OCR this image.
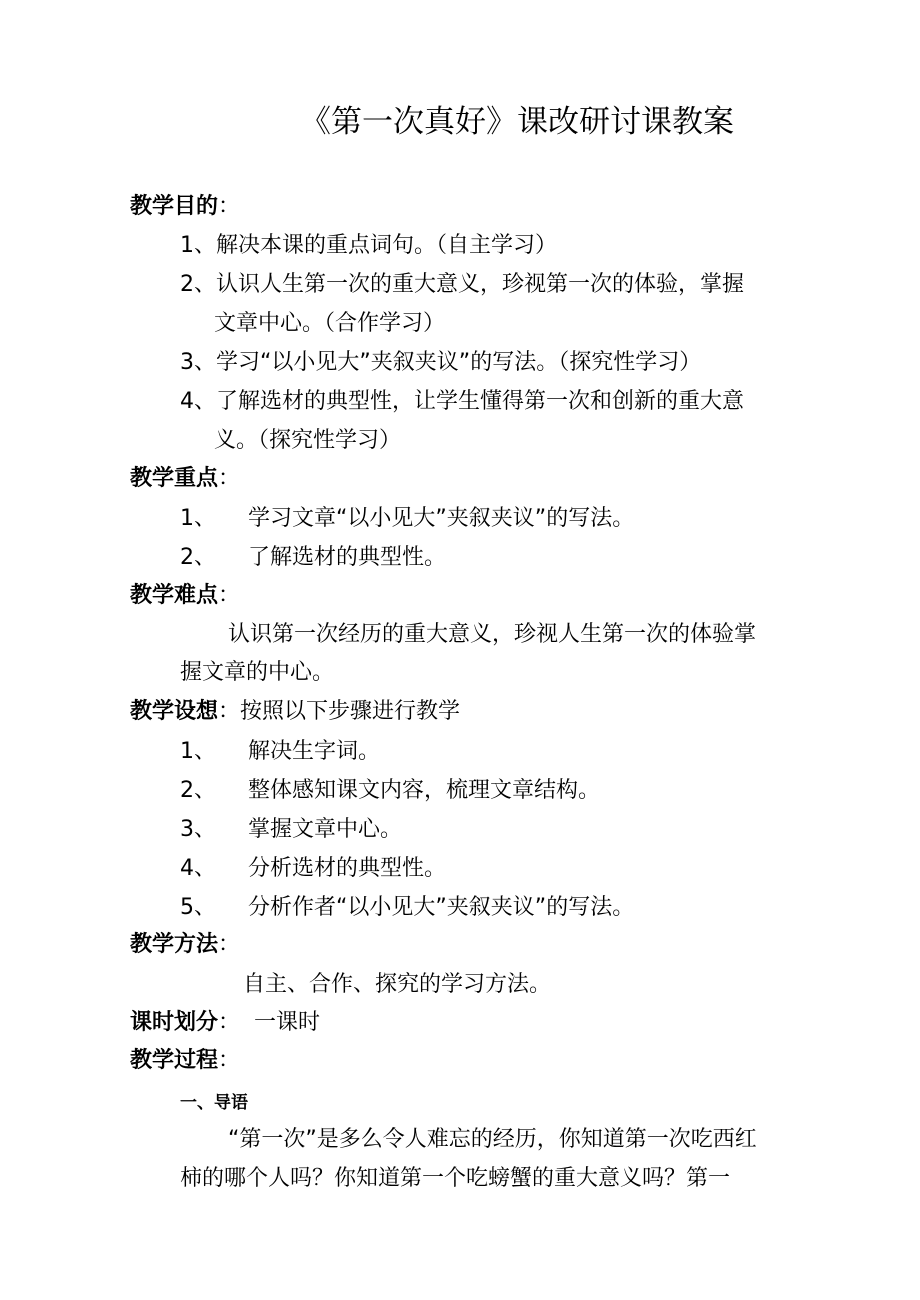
《第一次真好》课改研讨课教案
教学目的：
1、解决本课的重点词句。（自主学习）
2、认识人生第一次的重大意义，珍视第一次的体验，掌握
文章中心。（合作学习）
3、学习“以小见大”夹叙夹议”的写法。（探究性学习）
4、了解选材的典型性，让学生懂得第一次和创新的重大意
义。（探究性学习）
教学重点：
1、 学习文章“以小见大”夹叙夹议”的写法。
2、 了解选材的典型性。
教学难点：
认识第一次经历的重大意义，珍视人生第一次的体验掌
握文章的中心。
教学设想：按照以下步骤进行教学
1、 解决生字词。
2、 整体感知课文内容，梳理文章结构。
3、 掌握文章中心。
4、 分析选材的典型性。
5、 分析作者“以小见大”夹叙夹议”的写法。
教学方法：
自主、合作、探究的学习方法。
课时划分： 一课时
教学过程：
一、导语
“第一次”是多么令人难忘的经历，你知道第一次吃西红
柿的哪个人吗？你知道第一个吃螃蟹的重大意义吗？第一
